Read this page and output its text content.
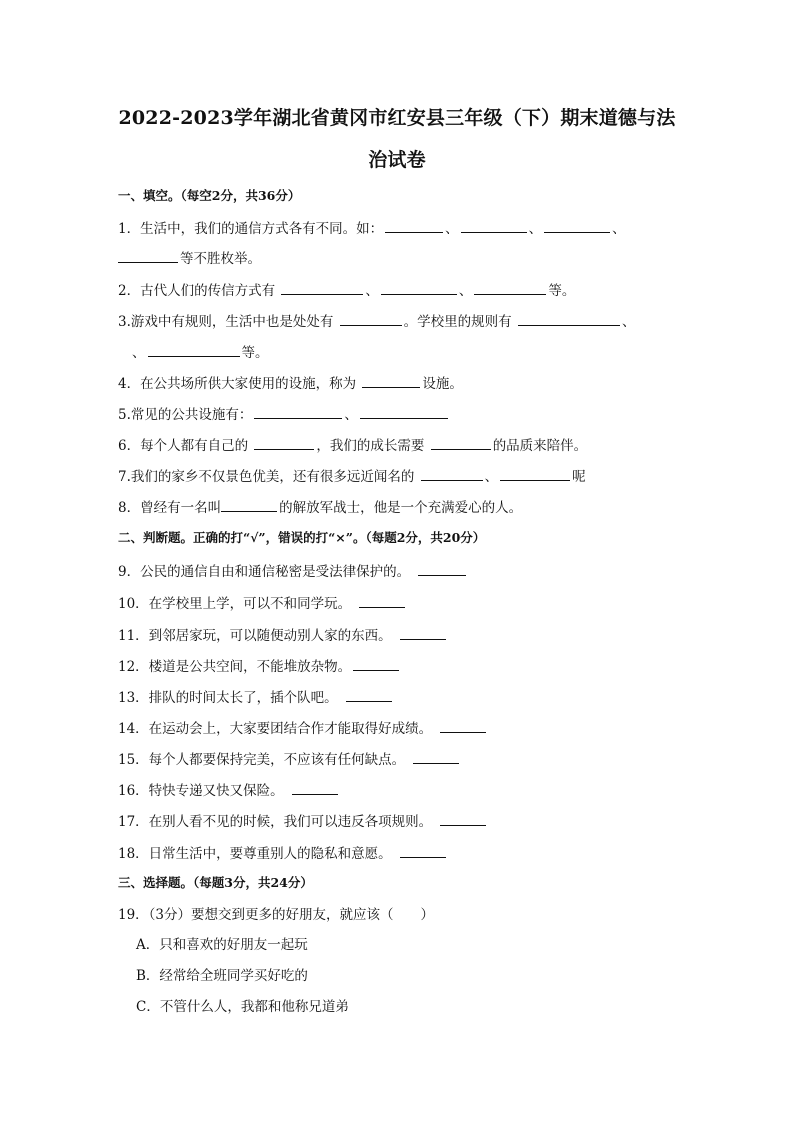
2022-2023学年湖北省黄冈市红安县三年级（下）期末道德与法
治试卷
一、填空。（每空2分，共36分）
1．生活中，我们的通信方式各有不同。如：	、	、	、
等不胜枚举。
2．古代人们的传信方式有	、	、	等。
3.游戏中有规则，生活中也是处处有	。学校里的规则有	、
、	等。
4．在公共场所供大家使用的设施，称为	设施。
5.常见的公共设施有：	、
6．每个人都有自己的	，我们的成长需要	的品质来陪伴。
7.我们的家乡不仅景色优美，还有很多远近闻名的	、	呢
8．曾经有一名叫	的解放军战士，他是一个充满爱心的人。
二、判断题。正确的打“√”，错误的打“×”。（每题2分，共20分）
9．公民的通信自由和通信秘密是受法律保护的。
10．在学校里上学，可以不和同学玩。
11．到邻居家玩，可以随便动别人家的东西。
12．楼道是公共空间，不能堆放杂物。
13．排队的时间太长了，插个队吧。
14．在运动会上，大家要团结合作才能取得好成绩。
15．每个人都要保持完美，不应该有任何缺点。
16．特快专递又快又保险。
17．在别人看不见的时候，我们可以违反各项规则。
18．日常生活中，要尊重别人的隐私和意愿。
三、选择题。（每题3分，共24分）
19．（3分）要想交到更多的好朋友，就应该（　　）
A．只和喜欢的好朋友一起玩
B．经常给全班同学买好吃的
C．不管什么人，我都和他称兄道弟
